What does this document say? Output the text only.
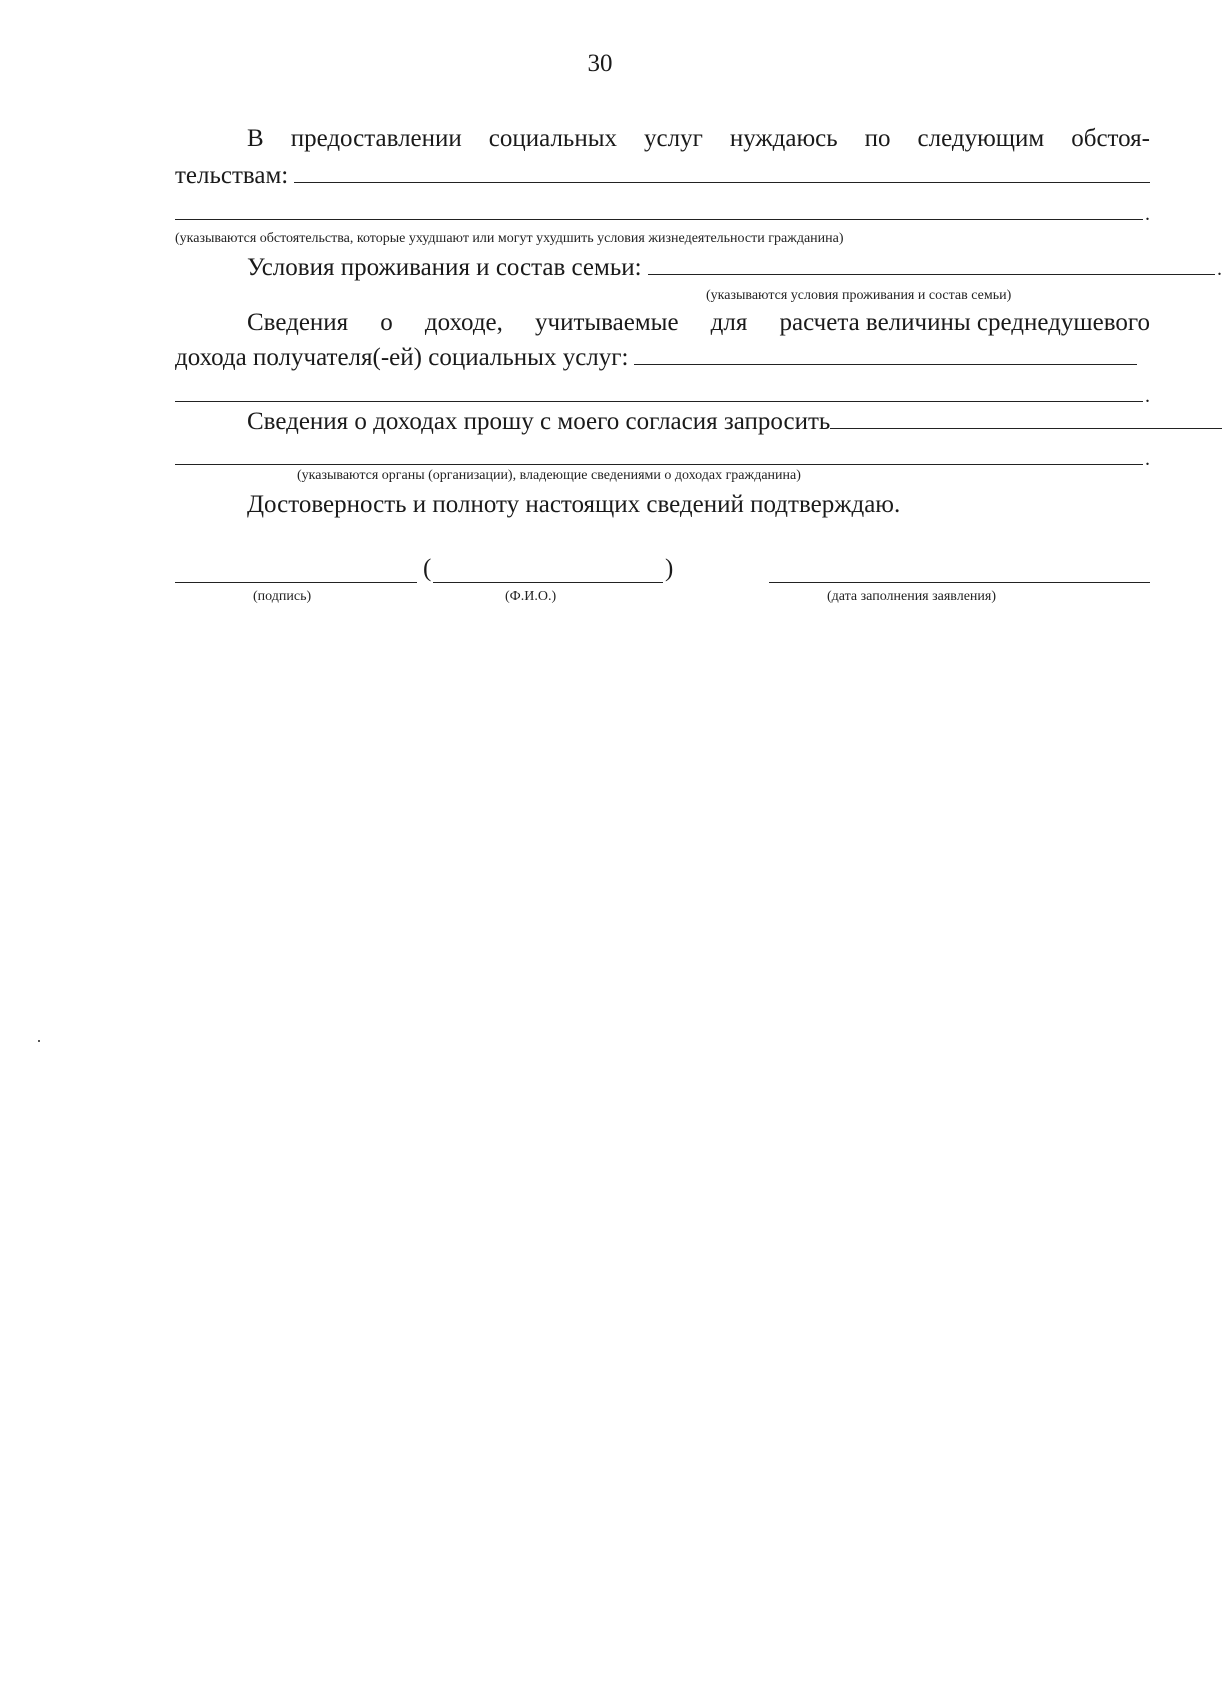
30
В предоставлении социальных услуг нуждаюсь по следующим обстоя-
тельствам:
.
(указываются обстоятельства, которые ухудшают или могут ухудшить условия жизнедеятельности гражданина)
Условия проживания и состав семьи:	.
(указываются условия проживания и состав семьи)
Сведения о доходе, учитываемые для расчета величины среднедушевого
дохода получателя(-ей) социальных услуг:
.
Сведения о доходах прошу с моего согласия запросить
.
(указываются органы (организации), владеющие сведениями о доходах гражданина)
Достоверность и полноту настоящих сведений подтверждаю.
(	)
(подпись)	(Ф.И.О.)	(дата заполнения заявления)
